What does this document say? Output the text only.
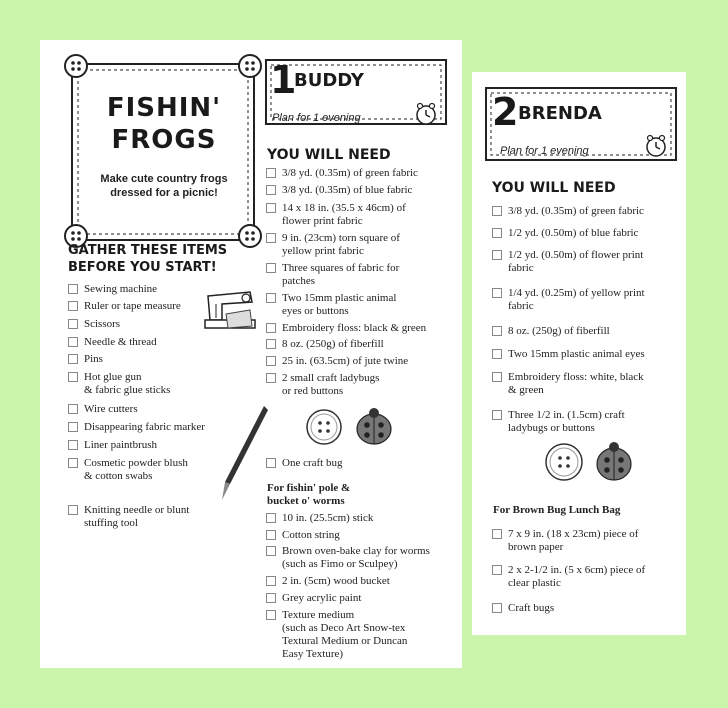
FISHIN'
FROGS
Make cute country frogs
dressed for a picnic!
GATHER THESE ITEMS
BEFORE YOU START!
Sewing machine
Ruler or tape measure
Scissors
Needle & thread
Pins
Hot glue gun
& fabric glue sticks
Wire cutters
Disappearing fabric marker
Liner paintbrush
Cosmetic powder blush
& cotton swabs
Knitting needle or blunt
stuffing tool
1
BUDDY
Plan for 1 evening
YOU WILL NEED
3/8 yd. (0.35m) of green fabric
3/8 yd. (0.35m) of blue fabric
14 x 18 in. (35.5 x 46cm) of
flower print fabric
9 in. (23cm) torn square of
yellow print fabric
Three squares of fabric for
patches
Two 15mm plastic animal
eyes or buttons
Embroidery floss: black & green
8 oz. (250g) of fiberfill
25 in. (63.5cm) of jute twine
2 small craft ladybugs
or red buttons
One craft bug
For fishin' pole &
bucket o' worms
10 in. (25.5cm) stick
Cotton string
Brown oven-bake clay for worms
(such as Fimo or Sculpey)
2 in. (5cm) wood bucket
Grey acrylic paint
Texture medium
(such as Deco Art Snow-tex
Textural Medium or Duncan
Easy Texture)
2 BRENDA
Plan for 1 evening
YOU WILL NEED
3/8 yd. (0.35m) of green fabric
1/2 yd. (0.50m) of blue fabric
1/2 yd. (0.50m) of flower print
fabric
1/4 yd. (0.25m) of yellow print
fabric
8 oz. (250g) of fiberfill
Two 15mm plastic animal eyes
Embroidery floss: white, black
& green
Three 1/2 in. (1.5cm) craft
ladybugs or buttons
For Brown Bug Lunch Bag
7 x 9 in. (18 x 23cm) piece of
brown paper
2 x 2-1/2 in. (5 x 6cm) piece of
clear plastic
Craft bugs
